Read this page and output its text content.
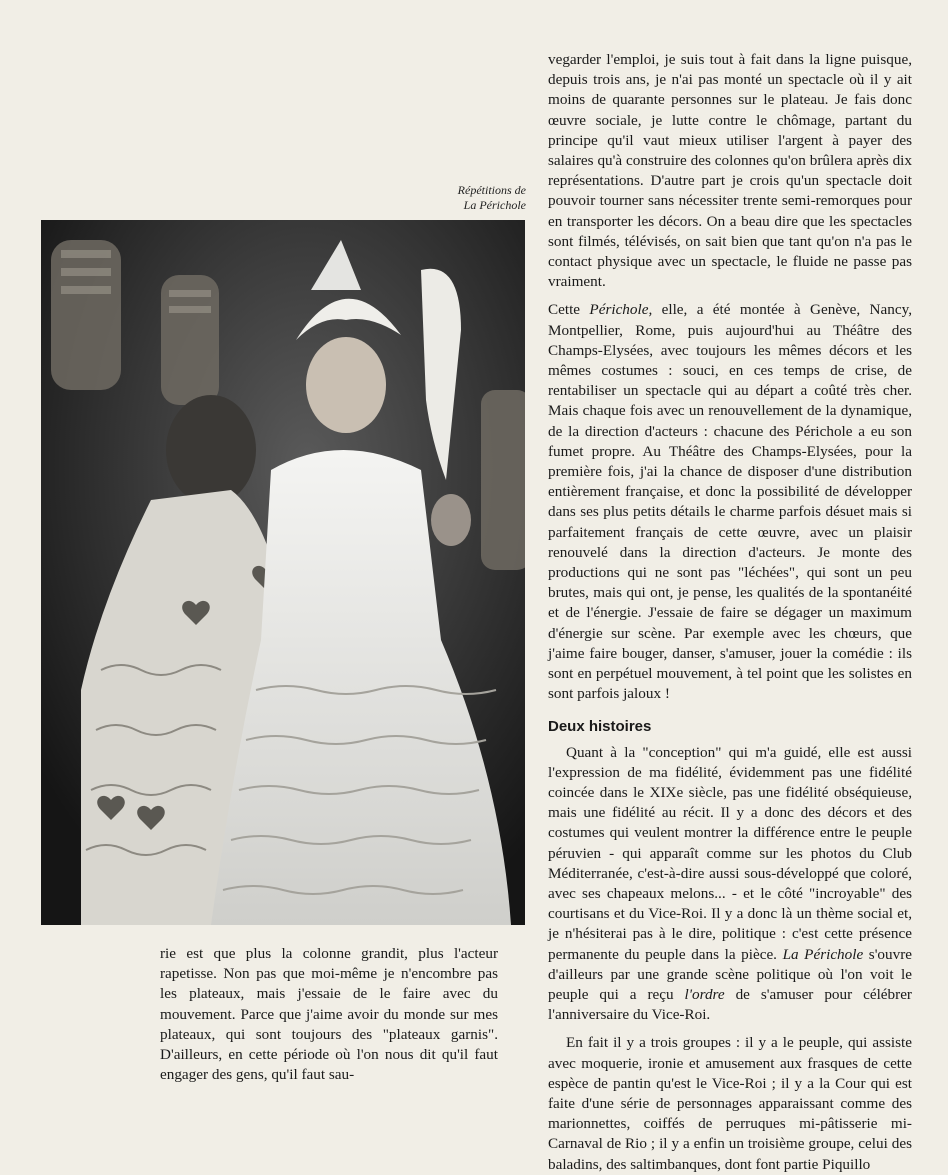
Répétitions de
La Périchole

vegarder l'emploi, je suis tout à fait dans la ligne puisque, depuis trois ans, je n'ai pas monté un spectacle où il y ait moins de quarante personnes sur le plateau. Je fais donc œuvre sociale, je lutte contre le chômage, partant du principe qu'il vaut mieux utiliser l'argent à payer des salaires qu'à construire des colonnes qu'on brûlera après dix représentations. D'autre part je crois qu'un spectacle doit pouvoir tourner sans nécessiter trente semi-remorques pour en transporter les décors. On a beau dire que les spectacles sont filmés, télévisés, on sait bien que tant qu'on n'a pas le contact physique avec un spectacle, le fluide ne passe pas vraiment.

Cette Périchole, elle, a été montée à Genève, Nancy, Montpellier, Rome, puis aujourd'hui au Théâtre des Champs-Elysées, avec toujours les mêmes décors et les mêmes costumes : souci, en ces temps de crise, de rentabiliser un spectacle qui au départ a coûté très cher. Mais chaque fois avec un renouvellement de la dynamique, de la direction d'acteurs : chacune des Périchole a eu son fumet propre. Au Théâtre des Champs-Elysées, pour la première fois, j'ai la chance de disposer d'une distribution entièrement française, et donc la possibilité de développer dans ses plus petits détails le charme parfois désuet mais si parfaitement français de cette œuvre, avec un plaisir renouvelé dans la direction d'acteurs. Je monte des productions qui ne sont pas "léchées", qui sont un peu brutes, mais qui ont, je pense, les qualités de la spontanéité et de l'énergie. J'essaie de faire se dégager un maximum d'énergie sur scène. Par exemple avec les chœurs, que j'aime faire bouger, danser, s'amuser, jouer la comédie : ils sont en perpétuel mouvement, à tel point que les solistes en sont parfois jaloux !

Deux histoires

Quant à la "conception" qui m'a guidé, elle est aussi l'expression de ma fidélité, évidemment pas une fidélité coincée dans le XIXe siècle, pas une fidélité obséquieuse, mais une fidélité au récit. Il y a donc des décors et des costumes qui veulent montrer la différence entre le peuple péruvien - qui apparaît comme sur les photos du Club Méditerranée, c'est-à-dire aussi sous-développé que coloré, avec ses chapeaux melons... - et le côté "incroyable" des courtisans et du Vice-Roi. Il y a donc là un thème social et, je n'hésiterai pas à le dire, politique : c'est cette présence permanente du peuple dans la pièce. La Périchole s'ouvre d'ailleurs par une grande scène politique où l'on voit le peuple qui a reçu l'ordre de s'amuser pour célébrer l'anniversaire du Vice-Roi.

En fait il y a trois groupes : il y a le peuple, qui assiste avec moquerie, ironie et amusement aux frasques de cette espèce de pantin qu'est le Vice-Roi ; il y a la Cour qui est faite d'une série de personnages apparaissant comme des marionnettes, coiffés de perruques mi-pâtisserie mi-Carnaval de Rio ; il y a enfin un troisième groupe, celui des baladins, des saltimbanques, dont font partie Piquillo

rie est que plus la colonne grandit, plus l'acteur rapetisse. Non pas que moi-même je n'encombre pas les plateaux, mais j'essaie de le faire avec du mouvement. Parce que j'aime avoir du monde sur mes plateaux, qui sont toujours des "plateaux garnis". D'ailleurs, en cette période où l'on nous dit qu'il faut engager des gens, qu'il faut sau-
